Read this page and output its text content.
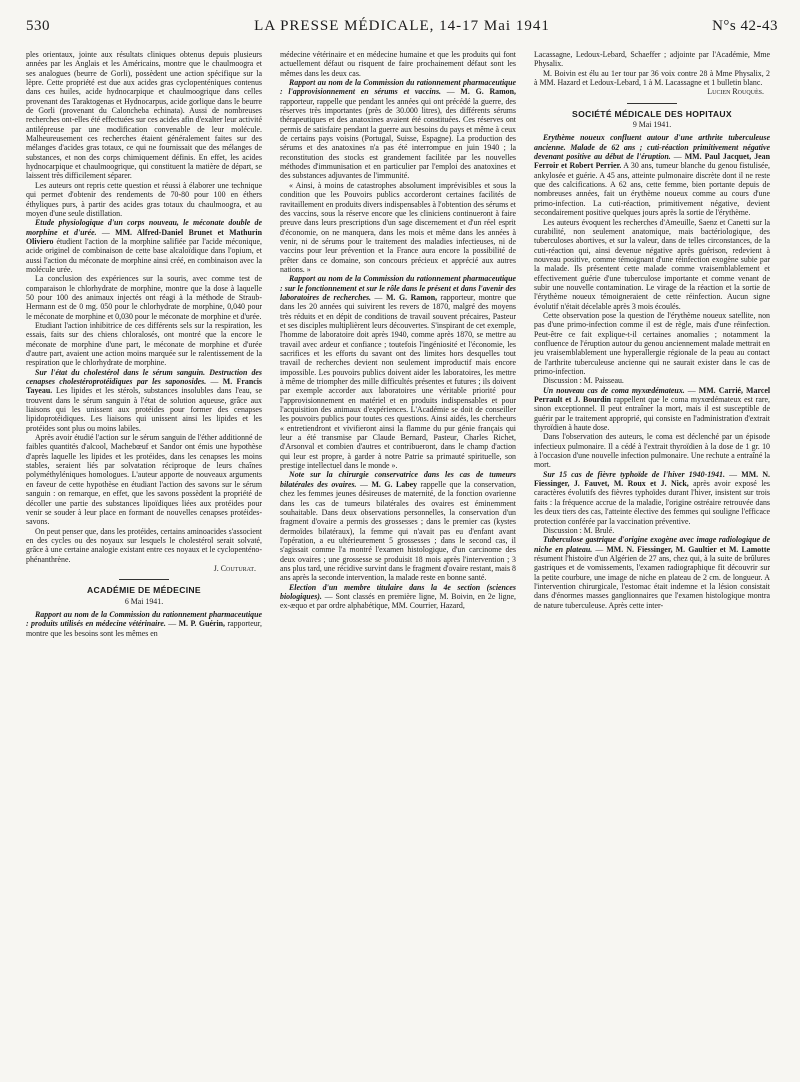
530	LA PRESSE MÉDICALE, 14-17 Mai 1941	N°s 42-43

ples orientaux, jointe aux résultats cliniques obtenus depuis plusieurs années par les Anglais et les Américains, montre que le chaulmoogra et ses analogues (beurre de Gorli), possèdent une action spécifique sur la lèpre. Cette propriété est due aux acides gras cyclopenténiques contenus dans ces huiles, acide hydnocarpique et chaulmoogrique dans celles provenant des Taraktogenas et Hydnocarpus, acide gorlique dans le beurre de Gorli (provenant du Caloncheba echinata). Aussi de nombreuses recherches ont-elles été effectuées sur ces acides afin d'exalter leur activité antilépreuse par une modification convenable de leur molécule. Malheureusement ces recherches étaient généralement faites sur des mélanges d'acides gras totaux, ce qui ne fournissait que des mélanges de substances, et non des corps chimiquement définis. En effet, les acides hydnocarpique et chaulmoogrique, qui constituent la matière de départ, se laissent très difficilement séparer.

Les auteurs ont repris cette question et réussi à élaborer une technique qui permet d'obtenir des rendements de 70-80 pour 100 en éthers éthyliques purs, à partir des acides gras totaux du chaulmoogra, et au moyen d'une seule distillation.

Etude physiologique d'un corps nouveau, le méconate double de morphine et d'urée. — MM. Alfred-Daniel Brunet et Mathurin Oliviero étudient l'action de la morphine salifiée par l'acide méconique, acide originel de combinaison de cette base alcaloïdique dans l'opium, et aussi l'action du méconate de morphine ainsi créé, en combinaison avec la molécule urée.

La conclusion des expériences sur la souris, avec comme test de comparaison le chlorhydrate de morphine, montre que la dose à laquelle 50 pour 100 des animaux injectés ont réagi à la méthode de Straub-Hermann est de 0 mg. 050 pour le chlorhydrate de morphine, 0,040 pour le méconate de morphine et 0,030 pour le méconate de morphine et d'urée.

Etudiant l'action inhibitrice de ces différents sels sur la respiration, les essais, faits sur des chiens chloralosés, ont montré que la encore le méconate de morphine d'une part, le méconate de morphine et d'urée d'autre part, avaient une action moins marquée sur le ralentissement de la respiration que le chlorhydrate de morphine.

Sur l'état du cholestérol dans le sérum sanguin. Destruction des cenapses cholestéroprotéidiques par les saponosides. — M. Francis Tayeau. Les lipides et les stérols, substances insolubles dans l'eau, se trouvent dans le sérum sanguin à l'état de solution aqueuse, grâce aux liaisons qui les unissent aux protéides pour former des cenapses lipidoprotéidiques. Les liaisons qui unissent ainsi les lipides et les protéides sont plus ou moins labiles.

Après avoir étudié l'action sur le sérum sanguin de l'éther additionné de faibles quantités d'alcool, Machebœuf et Sandor ont émis une hypothèse d'après laquelle les lipides et les protéides, dans les cenapses les moins stables, seraient liés par solvatation réciproque de leurs chaînes polyméthyléniques homologues. L'auteur apporte de nouveaux arguments en faveur de cette hypothèse en étudiant l'action des savons sur le sérum sanguin : on remarque, en effet, que les savons possèdent la propriété de décoller une partie des substances lipoïdiques liées aux protéides pour venir se souder à leur place en formant de nouvelles cenapses protéides-savons.

On peut penser que, dans les protéides, certains aminoacides s'associent en des cycles ou des noyaux sur lesquels le cholestérol serait solvaté, grâce à une certaine analogie existant entre ces noyaux et le cyclopenténo-phénanthrène.

J. Couturat.
ACADÉMIE DE MÉDECINE
6 Mai 1941.

Rapport au nom de la Commission du rationnement pharmaceutique : produits utilisés en médecine vétérinaire. — M. P. Guérin, rapporteur, montre que les besoins sont les mêmes en

médecine vétérinaire et en médecine humaine et que les produits qui font actuellement défaut ou risquent de faire prochainement défaut sont les mêmes dans les deux cas.

Rapport au nom de la Commission du rationnement pharmaceutique : l'approvisionnement en sérums et vaccins. — M. G. Ramon, rapporteur, rappelle que pendant les années qui ont précédé la guerre, des réserves très importantes (près de 30.000 litres), des différents sérums thérapeutiques et des anatoxines avaient été constituées. Ces réserves ont permis de satisfaire pendant la guerre aux besoins du pays et même à ceux de certains pays voisins (Portugal, Suisse, Espagne). La production des sérums et des anatoxines n'a pas été interrompue en juin 1940 ; la reconstitution des stocks est grandement facilitée par les nouvelles méthodes d'immunisation et en particulier par l'emploi des anatoxines et des substances adjuvantes de l'immunité.

« Ainsi, à moins de catastrophes absolument imprévisibles et sous la condition que les Pouvoirs publics accorderont certaines facilités de ravitaillement en produits divers indispensables à l'obtention des sérums et des vaccins, sous la réserve encore que les cliniciens continueront à faire preuve dans leurs prescriptions d'un sage discernement et d'un réel esprit d'économie, on ne manquera, dans les mois et même dans les années à venir, ni de sérums pour le traitement des maladies infectieuses, ni de vaccins pour leur prévention et la France aura encore la possibilité de prêter dans ce domaine, son concours précieux et apprécié aux autres nations. »

Rapport au nom de la Commission du rationnement pharmaceutique : sur le fonctionnement et sur le rôle dans le présent et dans l'avenir des laboratoires de recherches. — M. G. Ramon, rapporteur, montre que dans les 20 années qui suivirent les revers de 1870, malgré des moyens très réduits et en dépit de conditions de travail souvent précaires, Pasteur et ses disciples multiplièrent leurs découvertes. S'inspirant de cet exemple, l'homme de laboratoire doit après 1940, comme après 1870, se mettre au travail avec ardeur et confiance ; toutefois l'ingéniosité et l'économie, les sacrifices et les efforts du savant ont des limites hors desquelles tout travail de recherches devient non seulement improductif mais encore impossible. Les pouvoirs publics doivent aider les laboratoires, les mettre à même de triompher des mille difficultés présentes et futures ; ils doivent par exemple accorder aux laboratoires une véritable priorité pour l'approvisionnement en matériel et en produits indispensables et pour l'acquisition des animaux d'expériences. L'Académie se doit de conseiller les pouvoirs publics pour toutes ces questions. Ainsi aidés, les chercheurs « entretiendront et vivifieront ainsi la flamme du pur génie français qui leur a été transmise par Claude Bernard, Pasteur, Charles Richet, d'Arsonval et combien d'autres et contribueront, dans le champ d'action qui leur est propre, à garder à notre Patrie sa primauté spirituelle, son prestige intellectuel dans le monde ».

Note sur la chirurgie conservatrice dans les cas de tumeurs bilatérales des ovaires. — M. G. Labey rappelle que la conservation, chez les femmes jeunes désireuses de maternité, de la fonction ovarienne dans les cas de tumeurs bilatérales des ovaires est éminemment souhaitable. Dans deux observations personnelles, la conservation d'un fragment d'ovaire a permis des grossesses ; dans le premier cas (kystes dermoïdes bilatéraux), la femme qui n'avait pas eu d'enfant avant l'opération, a eu ultérieurement 5 grossesses ; dans le second cas, il s'agissait comme l'a montré l'examen histologique, d'un carcinome des deux ovaires ; une grossesse se produisit 18 mois après l'intervention ; 3 ans plus tard, une récidive survint dans le fragment d'ovaire restant, mais 8 ans après la seconde intervention, la malade reste en bonne santé.

Election d'un membre titulaire dans la 4e section (sciences biologiques). — Sont classés en première ligne, M. Boivin, en 2e ligne, ex-æquo et par ordre alphabétique, MM. Courrier, Hazard,

Lacassagne, Ledoux-Lebard, Schaeffer ; adjointe par l'Académie, Mme Physalix.

M. Boivin est élu au 1er tour par 36 voix contre 28 à Mme Physalix, 2 à MM. Hazard et Ledoux-Lebard, 1 à M. Lacassagne et 1 bulletin blanc.

Lucien Rouquès.
SOCIÉTÉ MÉDICALE DES HOPITAUX
9 Mai 1941.

Erythème noueux confluent autour d'une arthrite tuberculeuse ancienne. Malade de 62 ans ; cuti-réaction primitivement négative devenant positive au début de l'éruption. — MM. Paul Jacquet, Jean Ferroir et Robert Perrier. A 30 ans, tumeur blanche du genou fistulisée, ankylosée et guérie. A 45 ans, atteinte pulmonaire discrète dont il ne reste que des calcifications. A 62 ans, cette femme, bien portante depuis de nombreuses années, fait un érythème noueux comme au cours d'une primo-infection. La cuti-réaction, primitivement négative, devient secondairement positive quelques jours après la sortie de l'érythème.

Les auteurs évoquent les recherches d'Ameuille, Saenz et Canetti sur la curabilité, non seulement anatomique, mais bactériologique, des tuberculoses abortives, et sur la valeur, dans de telles circonstances, de la cuti-réaction qui, ainsi devenue négative après guérison, redevient à nouveau positive, comme témoignant d'une réinfection exogène subie par la malade. Ils présentent cette malade comme vraisemblablement et effectivement guérie d'une tuberculose importante et comme venant de subir une nouvelle contamination. Le virage de la réaction et la sortie de l'érythème noueux témoigneraient de cette réinfection. Aucun signe évolutif n'était décelable après 3 mois écoulés.

Cette observation pose la question de l'érythème noueux satellite, non pas d'une primo-infection comme il est de règle, mais d'une réinfection. Peut-être ce fait explique-t-il certaines anomalies ; notamment la confluence de l'éruption autour du genou anciennement malade mettrait en jeu vraisemblablement une hyperallergie régionale de la peau au contact de l'arthrite tuberculeuse ancienne qui ne saurait exister dans le cas de primo-infection.

Discussion : M. Paisseau.

Un nouveau cas de coma myxœdémateux. — MM. Carrié, Marcel Perrault et J. Bourdin rappellent que le coma myxœdémateux est rare, sinon exceptionnel. Il peut entraîner la mort, mais il est susceptible de guérir par le traitement approprié, qui consiste en l'administration d'extrait thyroïdien à haute dose.

Dans l'observation des auteurs, le coma est déclenché par un épisode infectieux pulmonaire. Il a cédé à l'extrait thyroïdien à la dose de 1 gr. 10 à l'occasion d'une nouvelle infection pulmonaire. Une rechute a entraîné la mort.

Sur 15 cas de fièvre typhoïde de l'hiver 1940-1941. — MM. N. Fiessinger, J. Fauvet, M. Roux et J. Nick, après avoir exposé les caractères évolutifs des fièvres typhoïdes durant l'hiver, insistent sur trois faits : la fréquence accrue de la maladie, l'origine ostréaire retrouvée dans les deux tiers des cas, l'atteinte élective des femmes qui souligne l'efficace protection conférée par la vaccination préventive.

Discussion : M. Brulé.

Tuberculose gastrique d'origine exogène avec image radiologique de niche en plateau. — MM. N. Fiessinger, M. Gaultier et M. Lamotte résument l'histoire d'un Algérien de 27 ans, chez qui, à la suite de brûlures gastriques et de vomissements, l'examen radiographique fit découvrir sur la petite courbure, une image de niche en plateau de 2 cm. de longueur. A l'intervention chirurgicale, l'estomac était indemne et la lésion consistait dans d'énormes masses ganglionnaires que l'examen histologique montra de nature tuberculeuse. Après cette inter-
